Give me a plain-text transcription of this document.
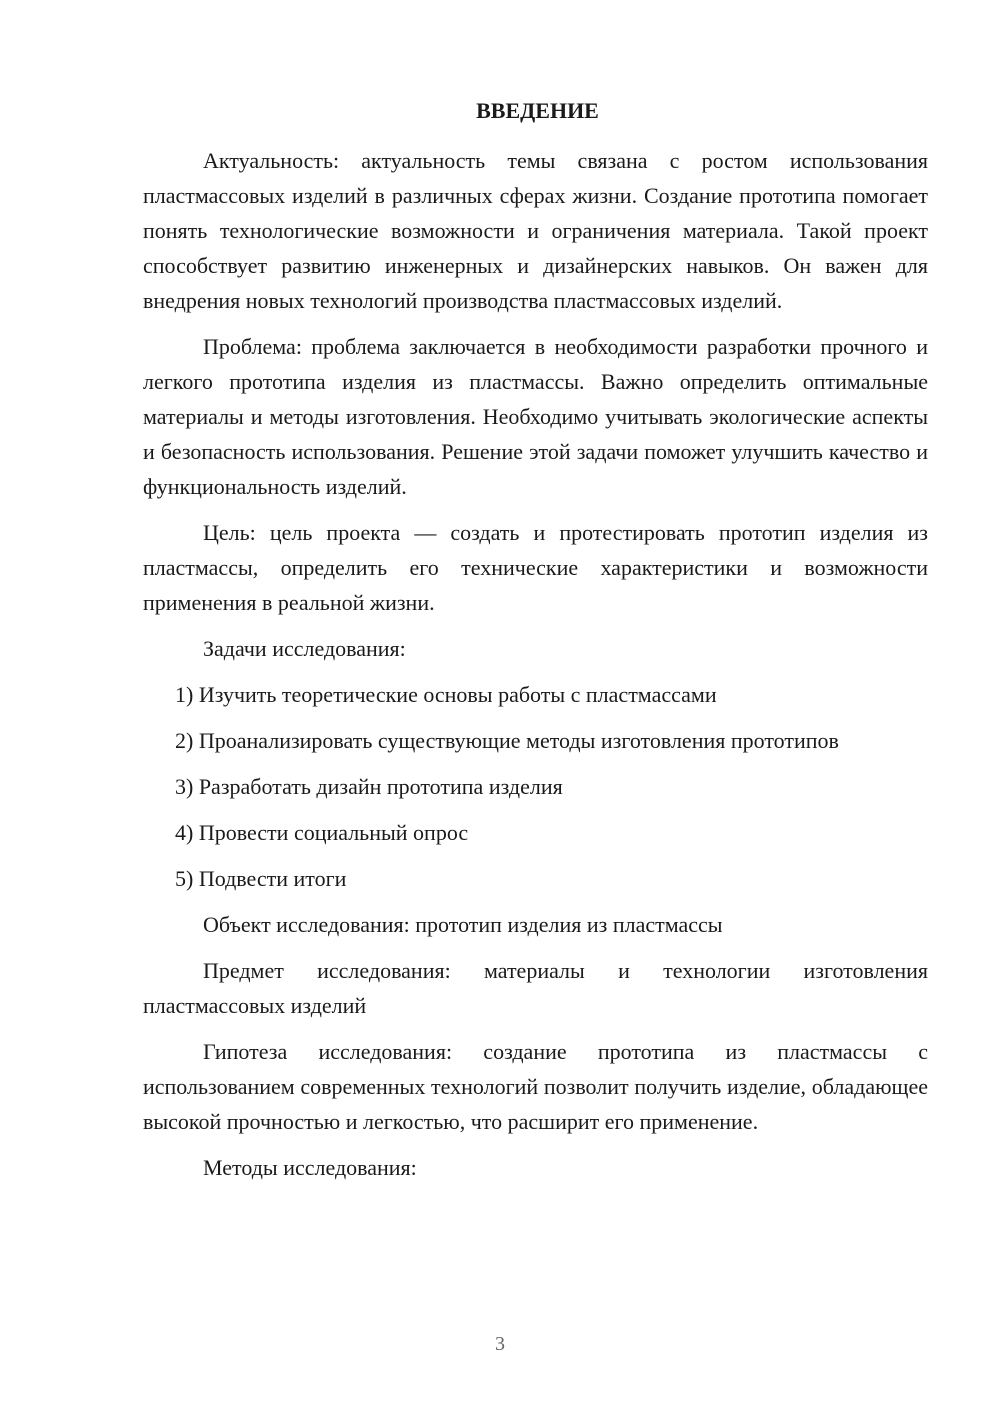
ВВЕДЕНИЕ

Актуальность: актуальность темы связана с ростом использования пластмассовых изделий в различных сферах жизни. Создание прототипа помогает понять технологические возможности и ограничения материала. Такой проект способствует развитию инженерных и дизайнерских навыков. Он важен для внедрения новых технологий производства пластмассовых изделий.

Проблема: проблема заключается в необходимости разработки прочного и легкого прототипа изделия из пластмассы. Важно определить оптимальные материалы и методы изготовления. Необходимо учитывать экологические аспекты и безопасность использования. Решение этой задачи поможет улучшить качество и функциональность изделий.

Цель: цель проекта — создать и протестировать прототип изделия из пластмассы, определить его технические характеристики и возможности применения в реальной жизни.

Задачи исследования:

1) Изучить теоретические основы работы с пластмассами

2) Проанализировать существующие методы изготовления прототипов

3) Разработать дизайн прототипа изделия

4) Провести социальный опрос

5) Подвести итоги

Объект исследования: прототип изделия из пластмассы

Предмет исследования: материалы и технологии изготовления пластмассовых изделий

Гипотеза исследования: создание прототипа из пластмассы с использованием современных технологий позволит получить изделие, обладающее высокой прочностью и легкостью, что расширит его применение.

Методы исследования:

3
